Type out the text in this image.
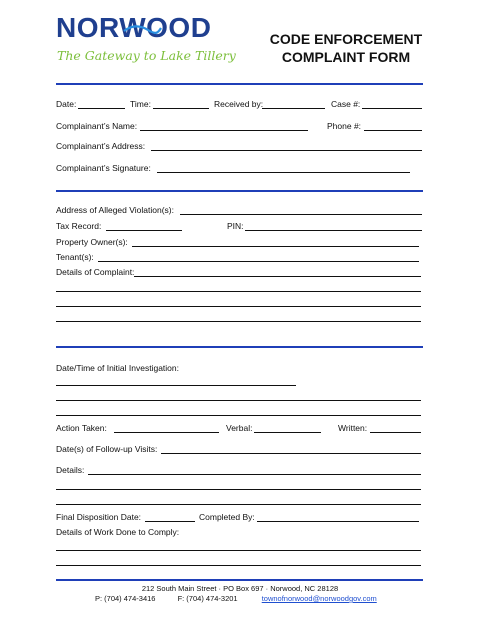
NORWOOD
The Gateway to Lake Tillery
CODE ENFORCEMENT
COMPLAINT FORM
Date:	Time:	Received by:	Case #:
Complainant’s Name:	Phone #:
Complainant’s Address:
Complainant’s Signature:
Address of Alleged Violation(s):
Tax Record:	PIN:
Property Owner(s):
Tenant(s):
Details of Complaint:
Date/Time of Initial Investigation:
Action Taken:	Verbal:	Written:
Date(s) of Follow-up Visits:
Details:
Final Disposition Date:	Completed By:
Details of Work Done to Comply:
212 South Main Street · PO Box 697 · Norwood, NC 28128
P: (704) 474-3416	F: (704) 474-3201	townofnorwood@norwoodgov.com
